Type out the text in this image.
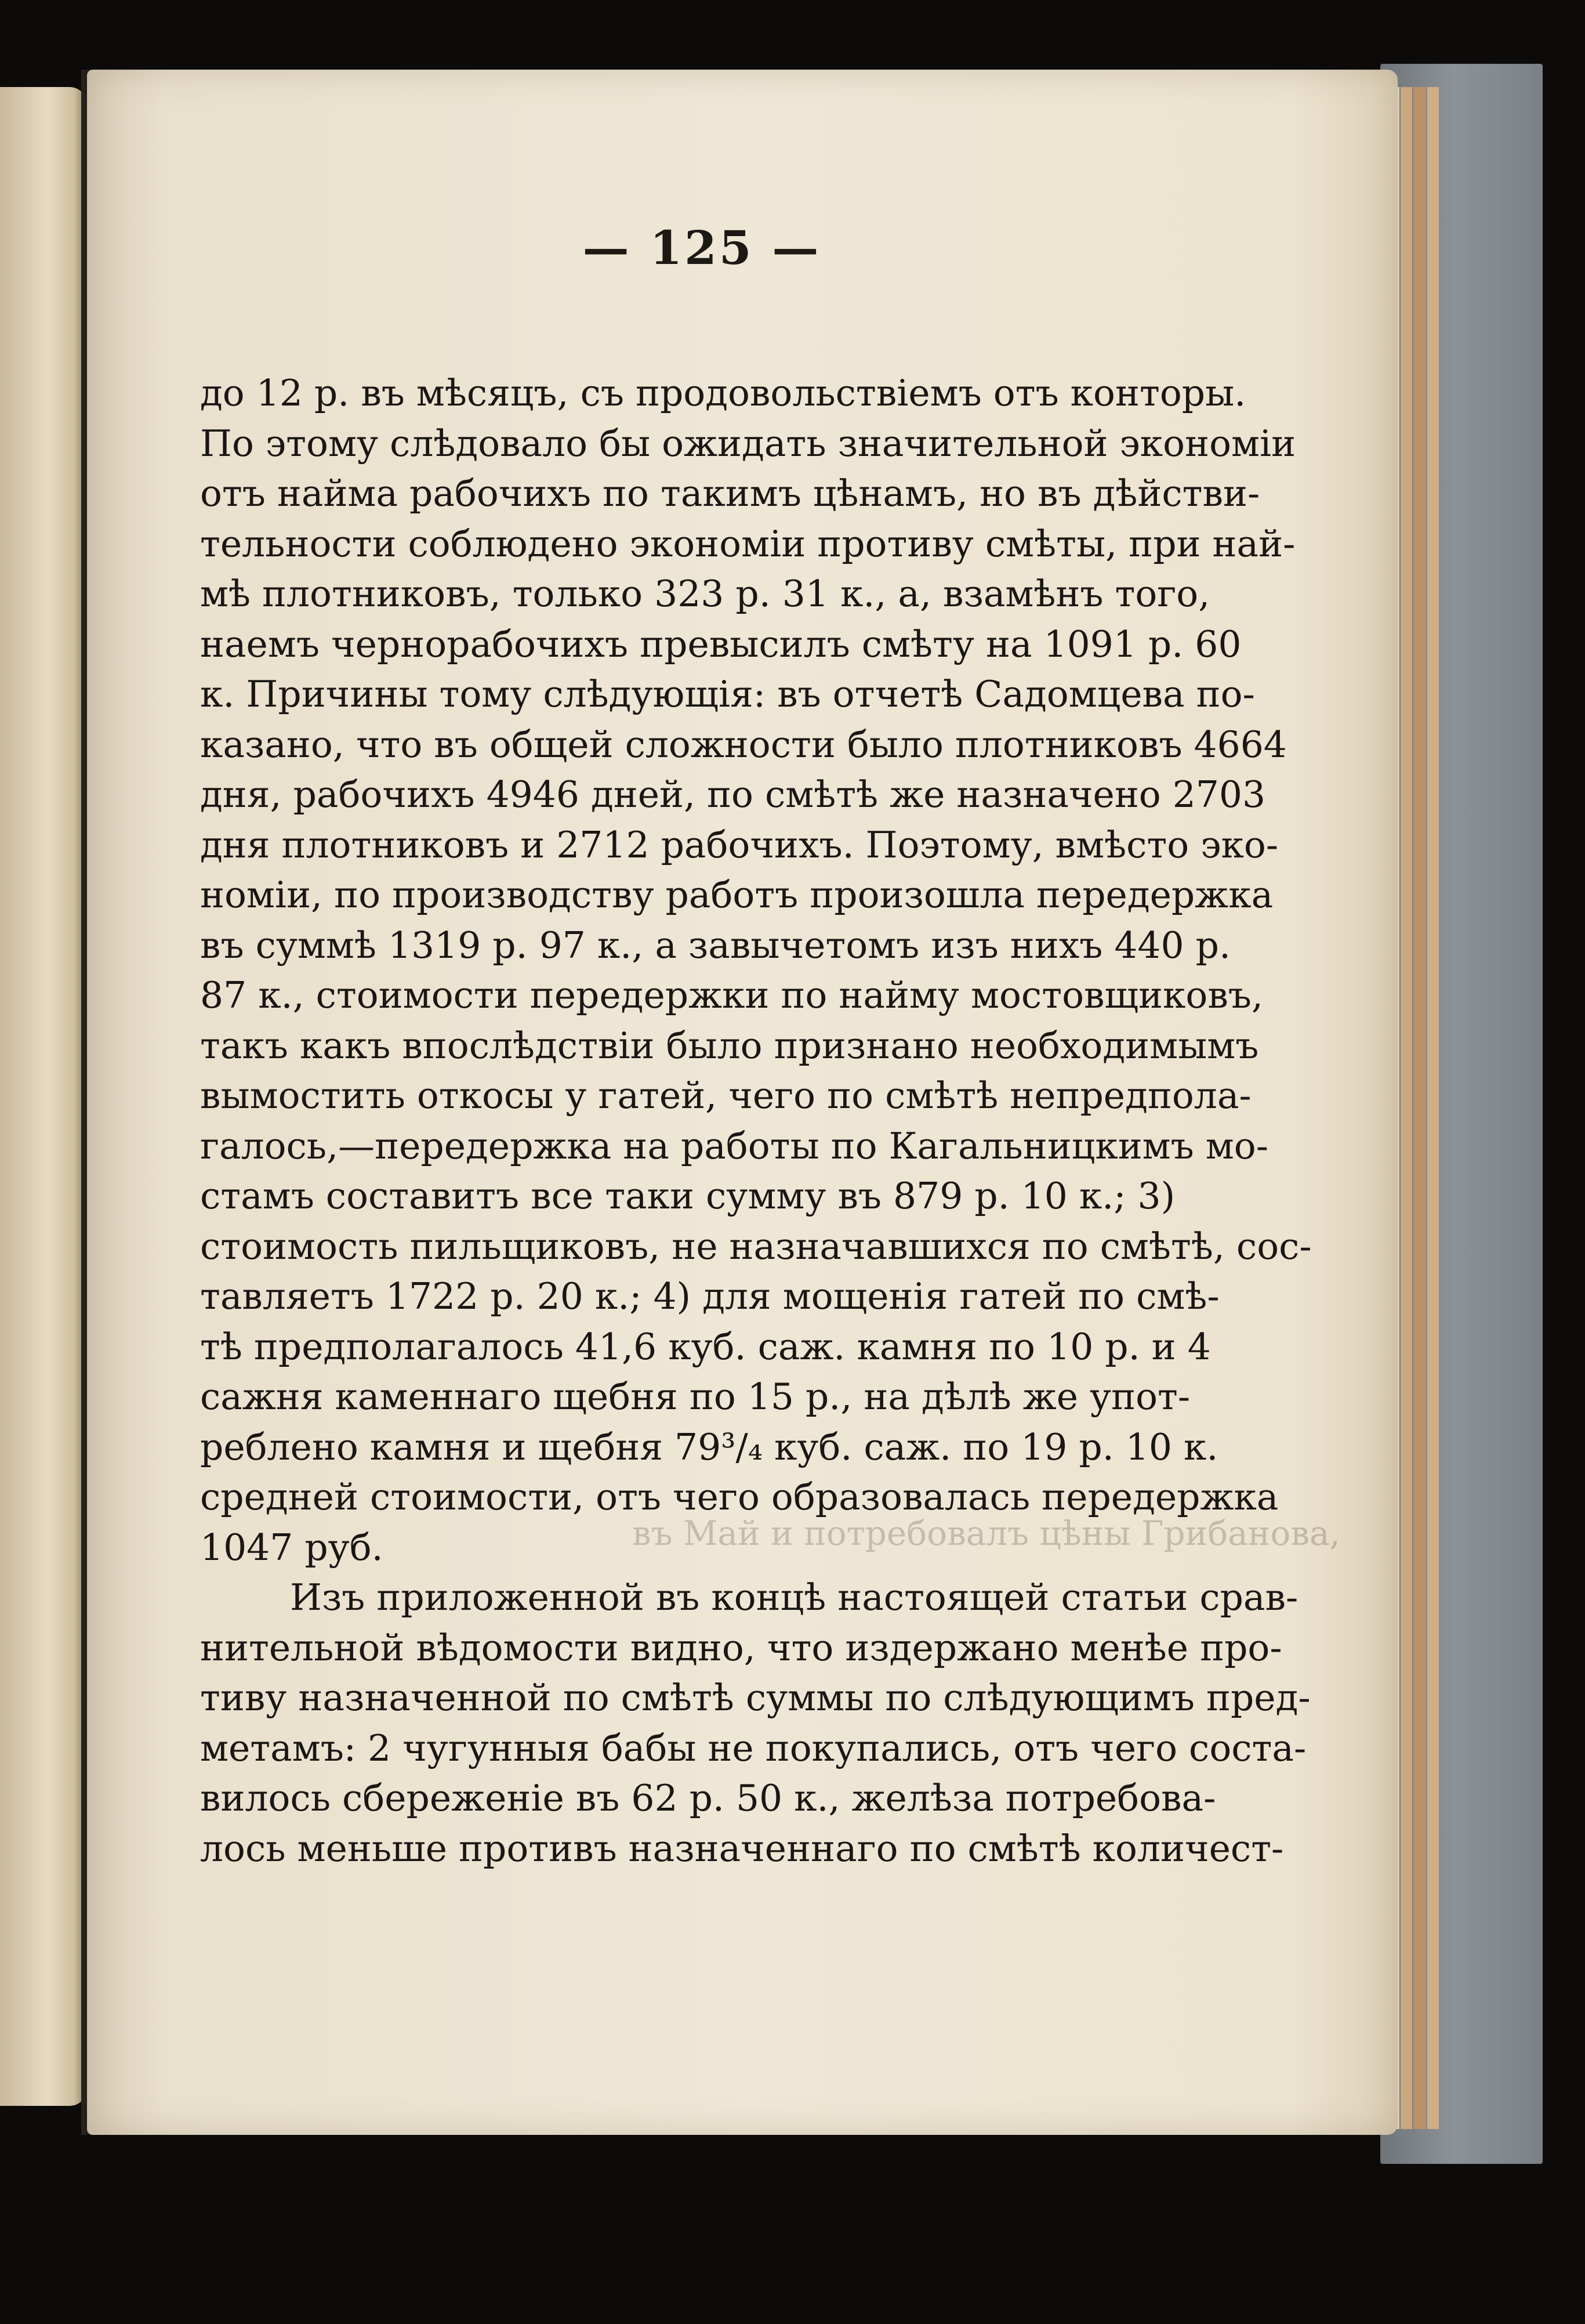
— 125 —
въ Май и потребовалъ цѣны Грибанова,
до 12 р. въ мѣсяцъ, съ продовольствіемъ отъ конторы.
По этому слѣдовало бы ожидать значительной экономіи
отъ найма рабочихъ по такимъ цѣнамъ, но въ дѣйстви-
тельности соблюдено экономіи противу смѣты, при най-
мѣ плотниковъ, только 323 р. 31 к., а, взамѣнъ того,
наемъ чернорабочихъ превысилъ смѣту на 1091 р. 60
к. Причины тому слѣдующія: въ отчетѣ Садомцева по-
казано, что въ общей сложности было плотниковъ 4664
дня, рабочихъ 4946 дней, по смѣтѣ же назначено 2703
дня плотниковъ и 2712 рабочихъ. Поэтому, вмѣсто эко-
номіи, по производству работъ произошла передержка
въ суммѣ 1319 р. 97 к., а завычетомъ изъ нихъ 440 р.
87 к., стоимости передержки по найму мостовщиковъ,
такъ какъ впослѣдствіи было признано необходимымъ
вымостить откосы у гатей, чего по смѣтѣ непредпола-
галось,—передержка на работы по Кагальницкимъ мо-
стамъ составитъ все таки сумму въ 879 р. 10 к.; 3)
стоимость пильщиковъ, не назначавшихся по смѣтѣ, сос-
тавляетъ 1722 р. 20 к.; 4) для мощенія гатей по смѣ-
тѣ предполагалось 41,6 куб. саж. камня по 10 р. и 4
сажня каменнаго щебня по 15 р., на дѣлѣ же упот-
реблено камня и щебня 79³/₄ куб. саж. по 19 р. 10 к.
средней стоимости, отъ чего образовалась передержка
1047 руб.
Изъ приложенной въ концѣ настоящей статьи срав-
нительной вѣдомости видно, что издержано менѣе про-
тиву назначенной по смѣтѣ суммы по слѣдующимъ пред-
метамъ: 2 чугунныя бабы не покупались, отъ чего соста-
вилось сбереженіе въ 62 р. 50 к., желѣза потребова-
лось меньше противъ назначеннаго по смѣтѣ количест-
